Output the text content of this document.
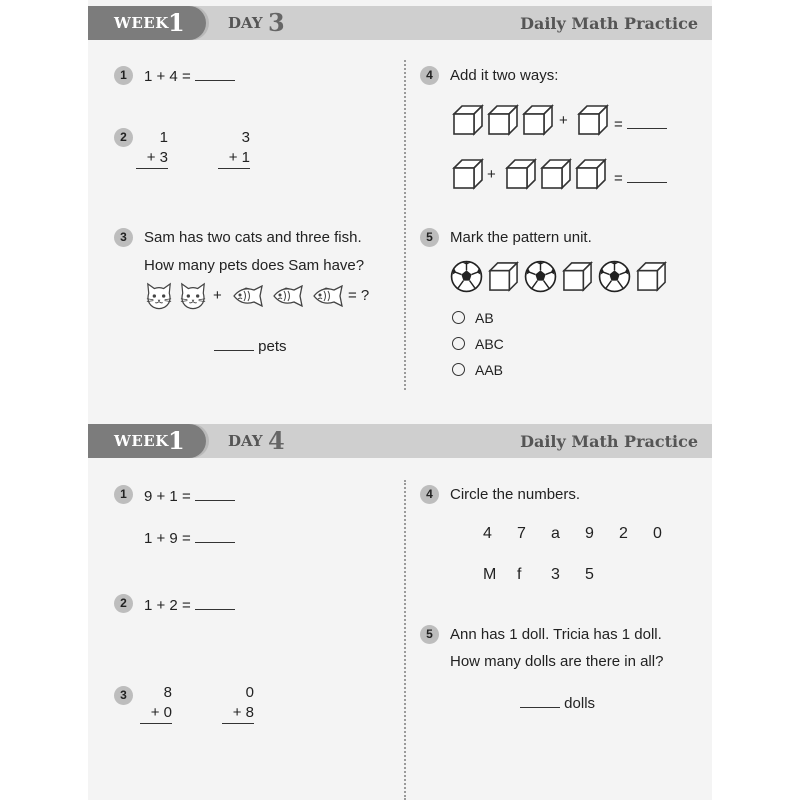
WEEK 1	DAY 3	Daily Math Practice
1	1 + 4 =
2	1
+ 3
3
+ 1
3	Sam has two cats and three fish.
How many pets does Sam have?
+	= ?
pets
4	Add it two ways:
+	=
+	=
5	Mark the pattern unit.
AB
ABC
AAB
WEEK 1	DAY 4	Daily Math Practice
1	9 + 1 =
1 + 9 =
2	1 + 2 =
3	8
+ 0
0
+ 8
4	Circle the numbers.
4 7 a 9 2 0
M f 3 5
5	Ann has 1 doll. Tricia has 1 doll.
How many dolls are there in all?
dolls
